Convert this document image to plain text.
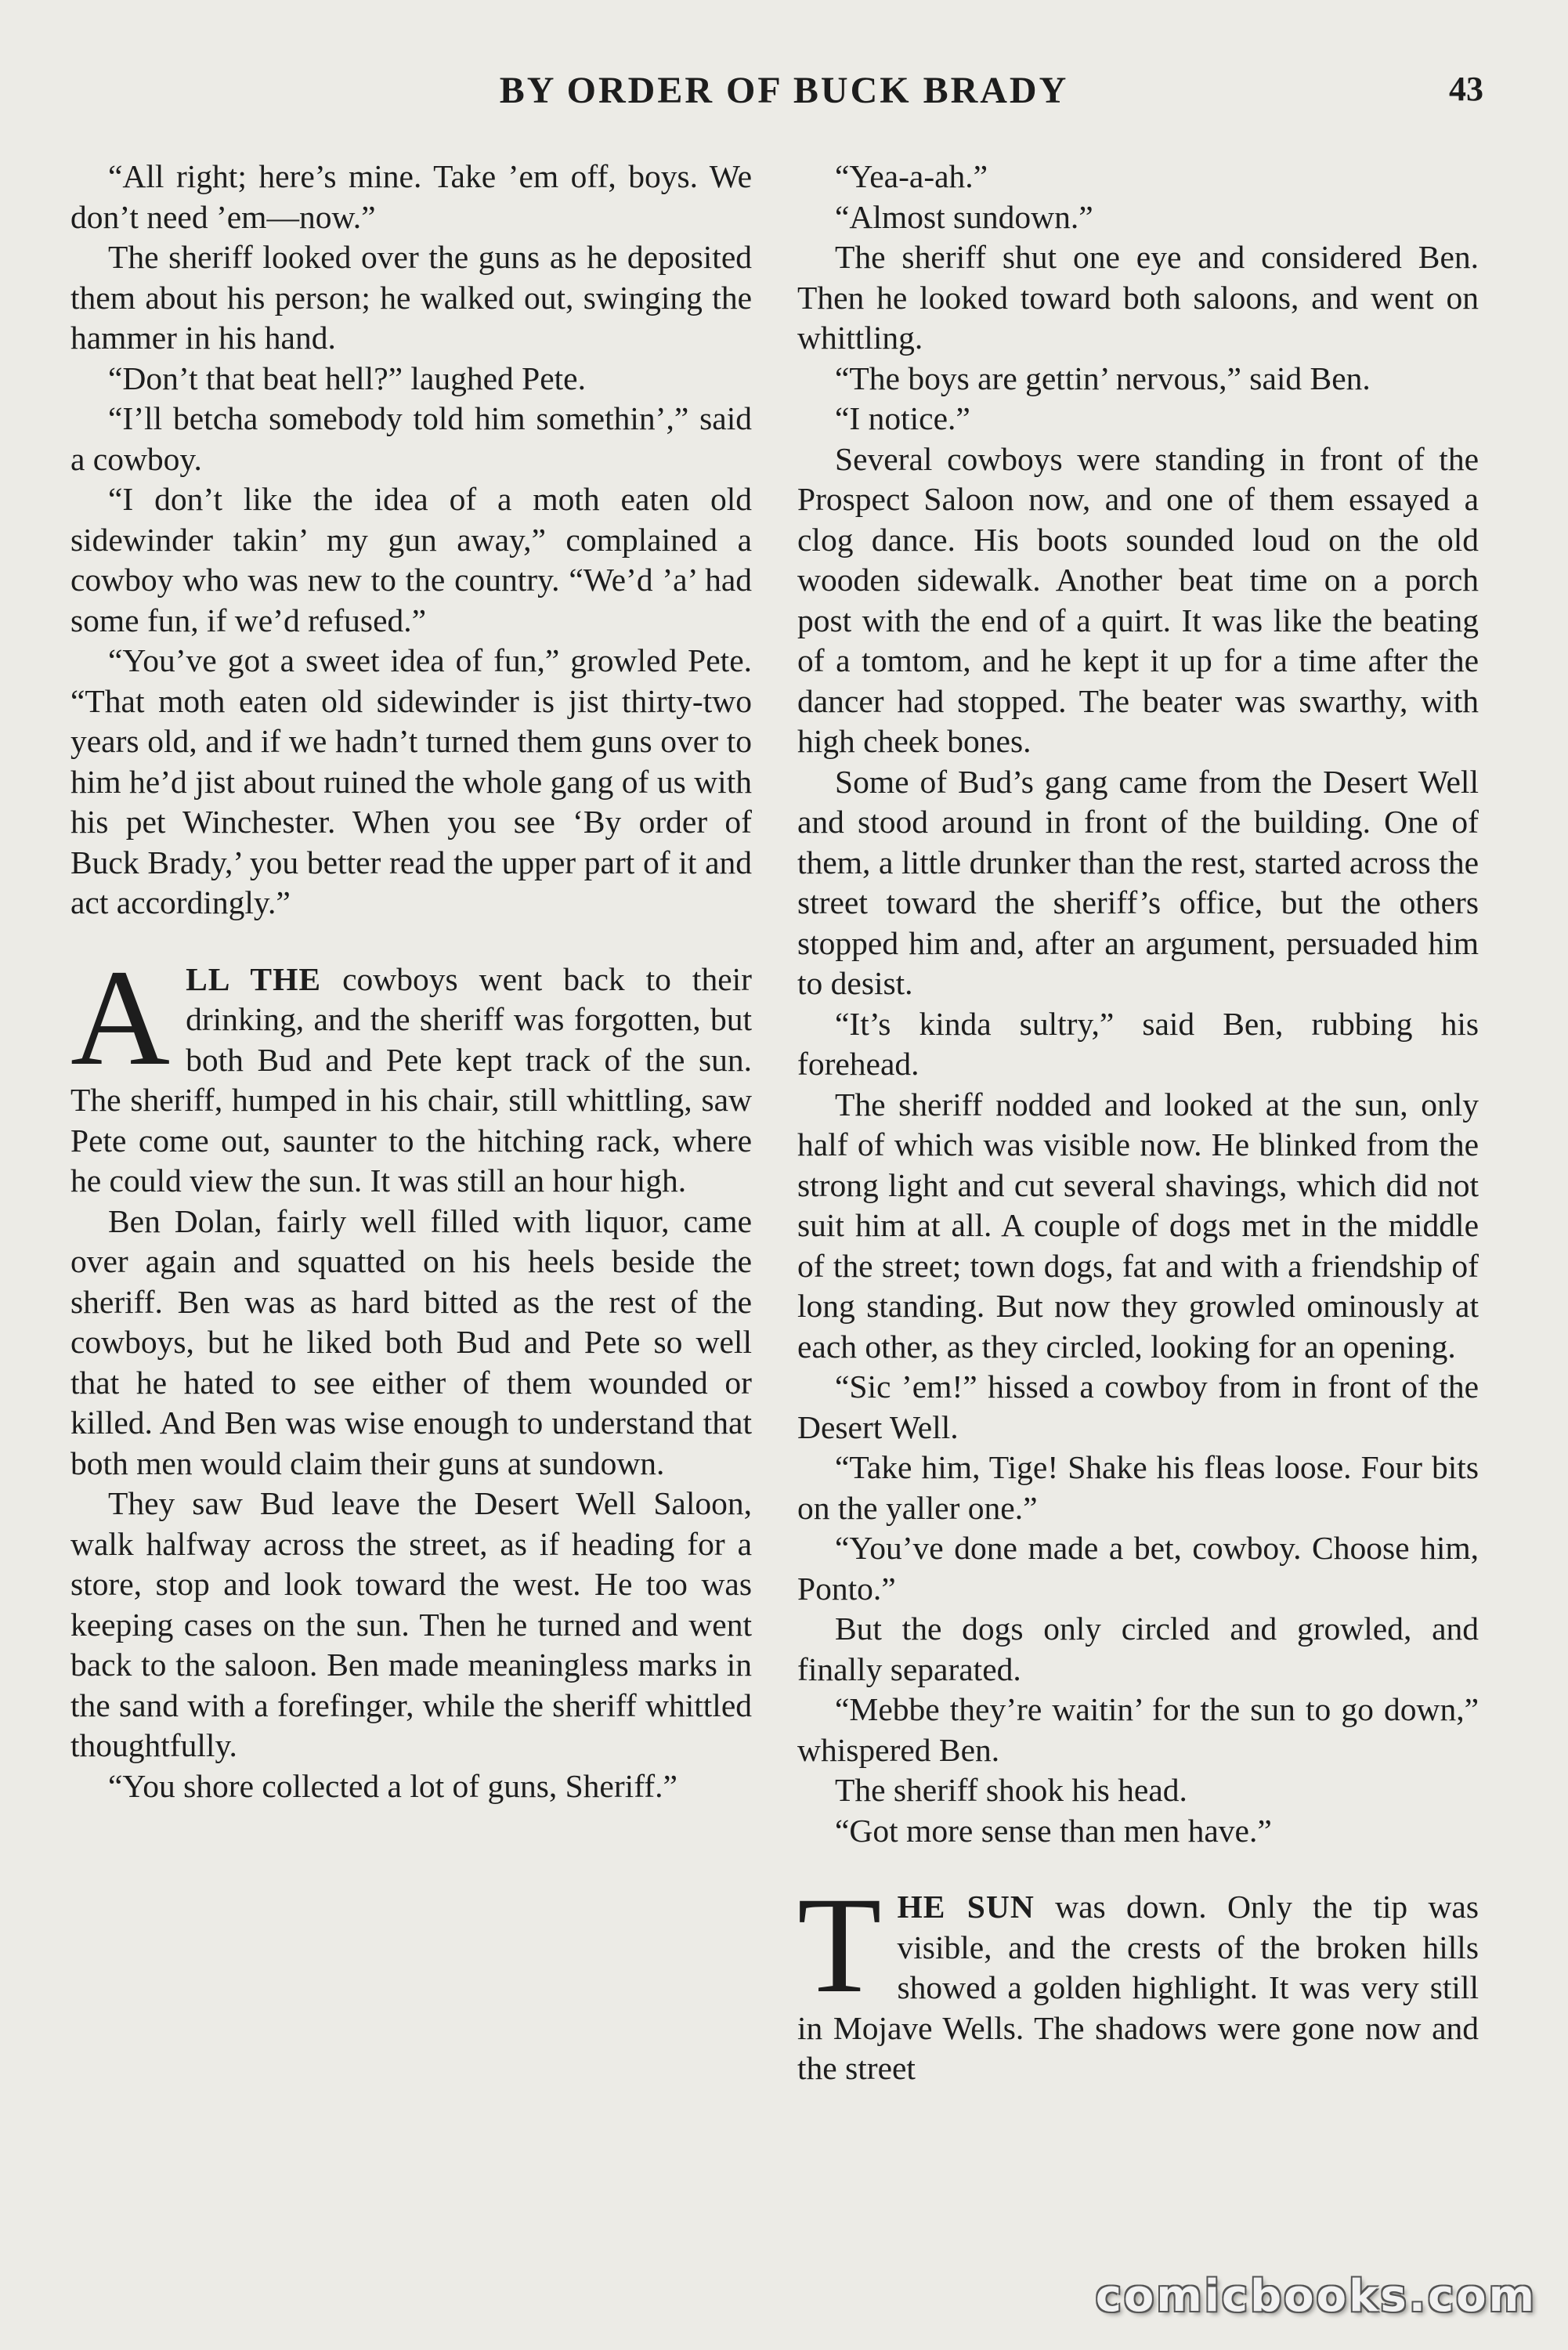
BY ORDER OF BUCK BRADY	43

“All right; here’s mine. Take ’em off, boys. We don’t need ’em—now.”

The sheriff looked over the guns as he deposited them about his person; he walked out, swinging the hammer in his hand.

“Don’t that beat hell?” laughed Pete.

“I’ll betcha somebody told him somethin’,” said a cowboy.

“I don’t like the idea of a moth eaten old sidewinder takin’ my gun away,” complained a cowboy who was new to the country. “We’d ’a’ had some fun, if we’d refused.”

“You’ve got a sweet idea of fun,” growled Pete. “That moth eaten old sidewinder is jist thirty-two years old, and if we hadn’t turned them guns over to him he’d jist about ruined the whole gang of us with his pet Winchester. When you see ‘By order of Buck Brady,’ you better read the upper part of it and act accordingly.”

ALL THE cowboys went back to their drinking, and the sheriff was forgotten, but both Bud and Pete kept track of the sun. The sheriff, humped in his chair, still whittling, saw Pete come out, saunter to the hitching rack, where he could view the sun. It was still an hour high.

Ben Dolan, fairly well filled with liquor, came over again and squatted on his heels beside the sheriff. Ben was as hard bitted as the rest of the cowboys, but he liked both Bud and Pete so well that he hated to see either of them wounded or killed. And Ben was wise enough to understand that both men would claim their guns at sundown.

They saw Bud leave the Desert Well Saloon, walk halfway across the street, as if heading for a store, stop and look toward the west. He too was keeping cases on the sun. Then he turned and went back to the saloon. Ben made meaningless marks in the sand with a forefinger, while the sheriff whittled thoughtfully.

“You shore collected a lot of guns, Sheriff.”

“Yea-a-ah.”

“Almost sundown.”

The sheriff shut one eye and considered Ben. Then he looked toward both saloons, and went on whittling.

“The boys are gettin’ nervous,” said Ben.

“I notice.”

Several cowboys were standing in front of the Prospect Saloon now, and one of them essayed a clog dance. His boots sounded loud on the old wooden sidewalk. Another beat time on a porch post with the end of a quirt. It was like the beating of a tomtom, and he kept it up for a time after the dancer had stopped. The beater was swarthy, with high cheek bones.

Some of Bud’s gang came from the Desert Well and stood around in front of the building. One of them, a little drunker than the rest, started across the street toward the sheriff’s office, but the others stopped him and, after an argument, persuaded him to desist.

“It’s kinda sultry,” said Ben, rubbing his forehead.

The sheriff nodded and looked at the sun, only half of which was visible now. He blinked from the strong light and cut several shavings, which did not suit him at all. A couple of dogs met in the middle of the street; town dogs, fat and with a friendship of long standing. But now they growled ominously at each other, as they circled, looking for an opening.

“Sic ’em!” hissed a cowboy from in front of the Desert Well.

“Take him, Tige! Shake his fleas loose. Four bits on the yaller one.”

“You’ve done made a bet, cowboy. Choose him, Ponto.”

But the dogs only circled and growled, and finally separated.

“Mebbe they’re waitin’ for the sun to go down,” whispered Ben.

The sheriff shook his head.

“Got more sense than men have.”

THE SUN was down. Only the tip was visible, and the crests of the broken hills showed a golden highlight. It was very still in Mojave Wells. The shadows were gone now and the street

comicbooks.com
